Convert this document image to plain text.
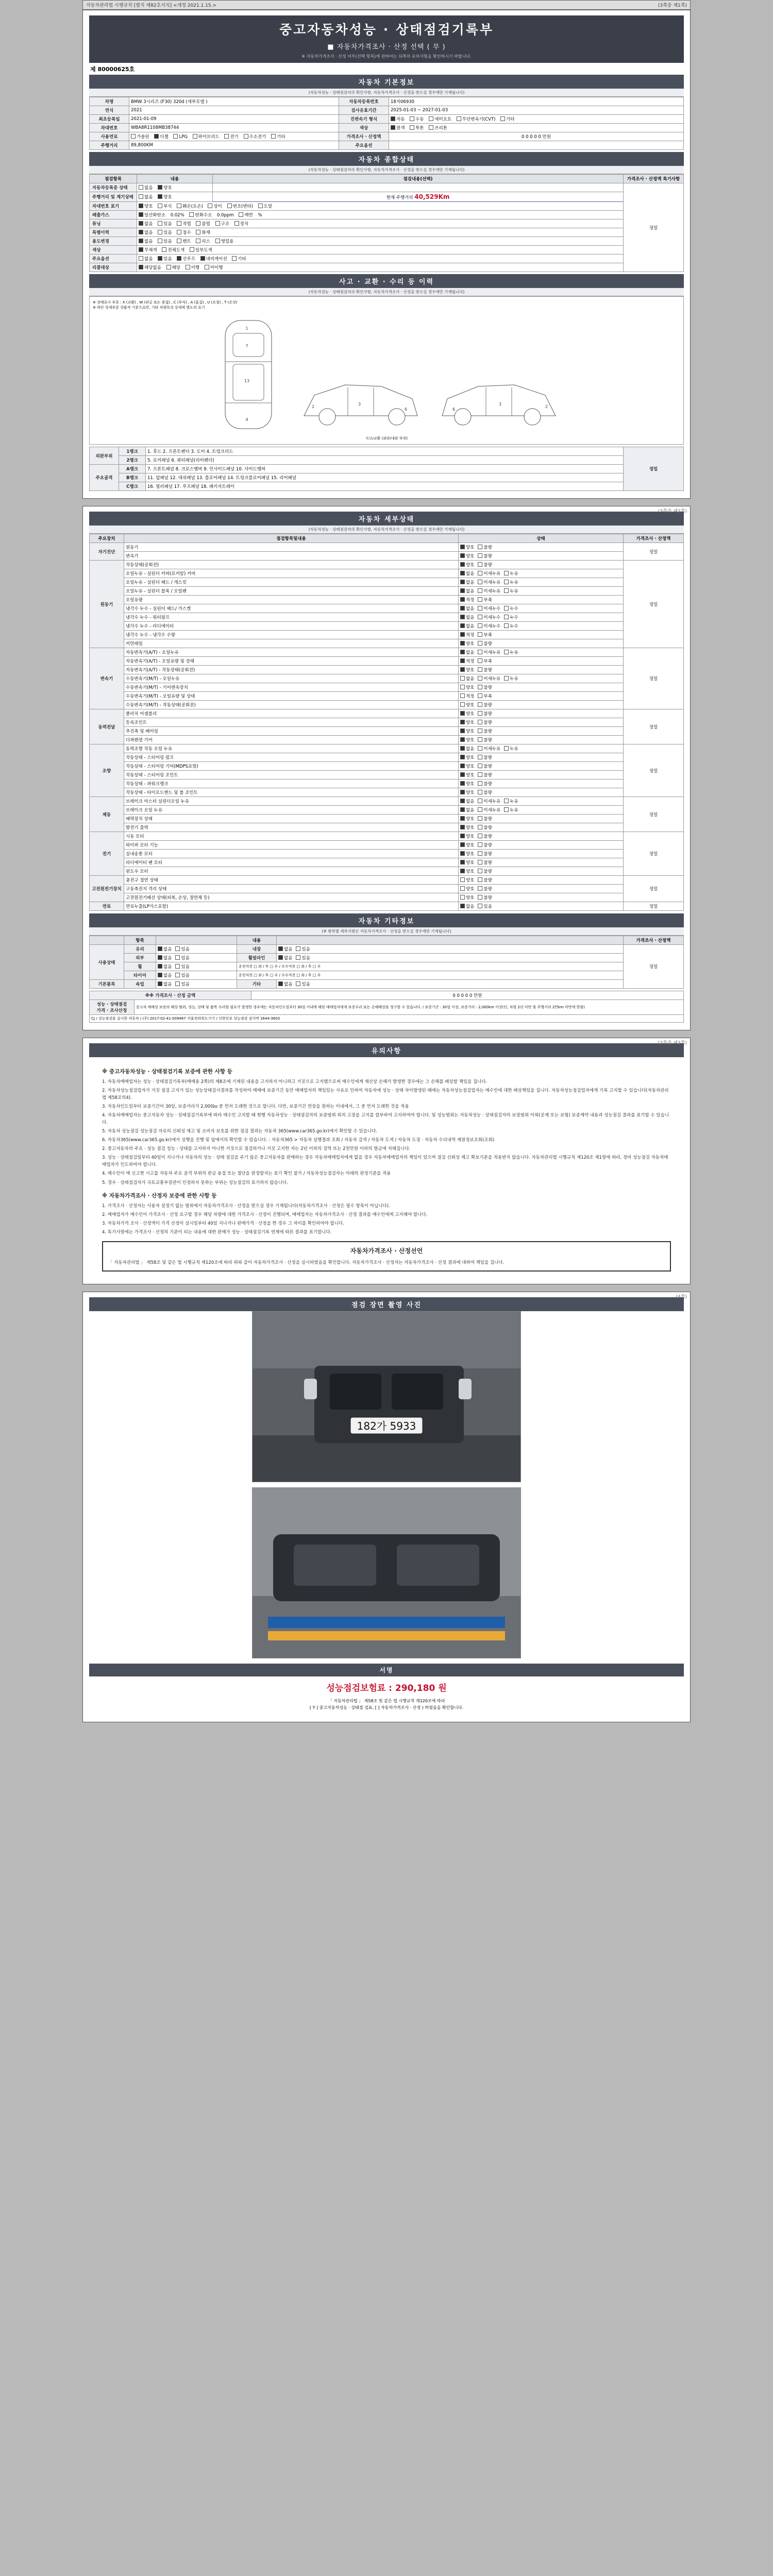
자동차관리법 시행규칙 [별지 제82호서식] <개정 2021.1.15.>	(3쪽중 제1쪽)
중고자동차성능 · 상태점검기록부
■ 자동차가격조사 · 산정 선택 ( 무 )
※ 자동차가격조사 · 산정 여부(선택 항목)에 관하여는 뒤쪽의 유의사항을 확인하시기 바랍니다.
제 80000625호
자동차 기본정보
(자동차성능 · 상태점검자의 확인사항, 자동차가격조사 · 산정을 받으실 경우에만 기재됩니다)
차명	BMW 3시리즈 (F30) 320d (세부모델 )	자동차등록번호	18자06930
연식	2021	검사유효기간	2025-01-03 ~ 2027-01-03
최초등록일	2021-01-09	진변속기 형식	자동 수동 세미오토 무단변속기(CVT) 기타
차대번호	WBA8R1108MB38744	색상	원색 투톤 쓰리톤
사용연료	가솔린 디젤 LPG 하이브리드 전기 수소전기 기타	가격조사 · 산정액	0 0 0 0 0 만원
주행거리	89,800KM	주요옵션	
자동차 종합상태
(자동차성능 · 상태점검자의 확인사항, 자동차가격조사 · 산정을 받으실 경우에만 기재됩니다)
점검항목	내용	점검내용(선택)	가격조사 · 산정액 특기사항
자동차등록증 상태	없음 양호		정밀
주행거리 및 계기상태	없음 양호	현재 주행거리 40,529Km	
차대번호 표기	양호 부식 훼손(오손) 상이 변조(변타) 도말		
배출가스	일산화탄소 0.02% 탄화수소 0.0ppm 매연 %		
튜닝	없음 있음 적법 불법 구조 장치		
특별이력	없음 있음 침수 화재		
용도변경	없음 있음 렌트 리스 영업용		
색상	무채색 전체도색 일부도색		
주요옵션	없음 있음 선루프 내비게이션 기타		
리콜대상	해당없음 해당 이행 미이행		
사고 · 교환 · 수리 등 이력
(자동차성능 · 상태점검자의 확인사항, 자동차가격조사 · 산정을 받으실 경우에만 기재됩니다)
※ 상태표시 부호 : X (교환) , W (판금 또는 용접) , C (부식) , A (흠집) , U (요철) , T (손상)
※ 하단 상세부분 상품적 기준으로만, 기타 차량특성 상세에 별도의 표기
1
7
13
4
2
3
6
2
3
6
사고/교환 (외판/내판 부위)
외판부위	1랭크	1. 후드 2. 프론트펜더 3. 도어 4. 트렁크리드	정밀
	2랭크	5. 로커패널 6. 쿼터패널(리어펜더)	
주요골격	A랭크	7. 프론트패널 8. 크로스멤버 9. 인사이드패널 10. 사이드멤버	
	B랭크	11. 앞패널 12. 대쉬패널 13. 플로어패널 14. 트렁크플로어패널 15. 리어패널	
	C랭크	16. 필러패널 17. 루프패널 18. 패키지트레이	
(3쪽중 제2쪽)
자동차 세부상태
(자동차성능 · 상태점검자의 확인사항, 자동차가격조사 · 산정을 받으실 경우에만 기재됩니다)
주요장치	점검항목및내용	상태	가격조사 · 산정액
자기진단	원동기	양호 불량	정밀
	변속기	양호 불량	
원동기	작동상태(공회전)	양호 불량	정밀
	오일누유 - 실린더 커버(로커암) 커버	없음 미세누유 누유	
	오일누유 - 실린더 헤드 / 개스킷	없음 미세누유 누유	
	오일누유 - 실린더 블록 / 오일팬	없음 미세누유 누유	
	오일유량	적정 부족	
	냉각수 누수 - 실린더 헤드/ 가스켓	없음 미세누수 누수	
	냉각수 누수 - 워터펌프	없음 미세누수 누수	
	냉각수 누수 - 라디에이터	없음 미세누수 누수	
	냉각수 누수 - 냉각수 수량	적정 부족	
	커먼레일	양호 불량	
변속기	자동변속기(A/T) - 오일누유	없음 미세누유 누유	정밀
	자동변속기(A/T) - 오일유량 및 상태	적정 부족	
	자동변속기(A/T) - 작동상태(공회전)	양호 불량	
	수동변속기(M/T) - 오일누유	없음 미세누유 누유	
	수동변속기(M/T) - 기어변속장치	양호 불량	
	수동변속기(M/T) - 오일유량 및 상태	적정 부족	
	수동변속기(M/T) - 작동상태(공회전)	양호 불량	
동력전달	클러치 어셈블리	양호 불량	정밀
	등속조인트	양호 불량	
	추진축 및 베어링	양호 불량	
	디퍼렌셜 기어	양호 불량	
조향	동력조향 작동 오일 누유	없음 미세누유 누유	정밀
	작동상태 - 스티어링 펌프	양호 불량	
	작동상태 - 스티어링 기어(MDPS포함)	양호 불량	
	작동상태 - 스티어링 조인트	양호 불량	
	작동상태 - 파워크랭크	양호 불량	
	작동상태 - 타이로드엔드 및 볼 조인트	양호 불량	
제동	브레이크 마스터 실린더오일 누유	없음 미세누유 누유	정밀
	브레이크 오일 누유	없음 미세누유 누유	
	배력장치 상태	양호 불량	
	발전기 출력	양호 불량	
전기	시동 모터	양호 불량	정밀
	와이퍼 모터 기능	양호 불량	
	실내송풍 모터	양호 불량	
	라디에이터 팬 모터	양호 불량	
	윈도우 모터	양호 불량	
고전원전기장치	충전구 절연 상태	양호 불량	정밀
	구동축전지 격리 상태	양호 불량	
	고전원전기배선 상태(피복, 손상, 절연체 등)	양호 불량	
연료	연료누출(LP가스포함)	없음 있음	정밀
자동차 기타정보
(※ 항목별 세부사항은 자동차가격조사 · 산정을 받으실 경우에만 기재됩니다)
	항목		내용		가격조사 · 산정액
사용상태	유리	없음 있음	내장	없음 있음	정밀
	외부	없음 있음	휠얼라인	없음 있음	
	휠	없음 있음	운전석전 □ 좌 / 후 □ 우 / 조수석전 □ 좌 / 후 □ 우		
	타이어	없음 있음	운전석전 □ 좌 / 후 □ 우 / 조수석전 □ 좌 / 후 □ 우		
기본품목	쇽업	없음 있음	기타	없음 있음	
※※ 가격조사 · 산정 금액		0 0 0 0 0 만원

성능 · 상태점검
가격 · 조사산정	중고차 매매상 보증의 배상 범위, 성능, 상태 및 품목 수리할 필요가 발생한 경우에는 자동차인도일부터 30일 이내에 해당 매매업자에게 보증수리 또는 손해배상을 청구할 수 있습니다. / 보증기간 : 30일 이상, 보증거리 : 2,000km 이상(단, 차령 2년 미만 및 주행거리 2만km 미만에 한함)	
CJ / 성능점검을 실시한 자동차 / (주) 2017-02-41-009467 서울전라북도기기 / 신한인보 성능점검 검사약 1644-3603		
(3쪽중 제3쪽)
유의사항
※ 중고자동차성능 · 상태점검기록 보증에 관한 사항 등

1. 자동차매매업자는 성능 · 상태점검기록부(매매용 2쪽)의 제8조에 기재된 내용을 고지하지 아니하고 거짓으로 고지했으로써 매수인에게 재산상 손해가 발생한 경우에는 그 손해를 배상할 책임을 집니다.

2. 자동차성능점검업자가 거짓 점검 고지가 있는 성능상태검사결과를 작성하여 매매에 보증기간 동안 매매업자의 책임있는 사유로 인하여 자동차에 성능 · 상태 차이발생된 때에는 자동차성능점검업자는 매수인에 대한 배상책임을 집니다. 자동차성능점검업자에게 기록 고지할 수 있습니다(자동차관리법 제58조의4).

3. 자동차인도일부터 보증기간이 30일, 보증거리가 2,000㎞ 중 먼저 도래한 것으로 합니다. 다만, 보증기간 연장을 원하는 이내에서, 그 중 먼저 도래한 것을 적용

4. 자동차매매업자는 중고자동차 성능 · 상태점검기록부에 따라 매수인 고지할 때 현행 자동차성능 · 상태점검자의 보증범위 외의 고장을 고지를 합부하여 고지하여야 합니다. 및 성능범위는 자동차성능 · 상태점검자의 보장범위 이외(공제 또는 보험) 보증계약 내용과 성능점검 결과를 표기할 수 있습니다.

5. 자동차 성능점검 성능점검 자료의 신뢰성 제고 및 소비자 보호를 위한 점검 결과는 자동차 365(www.car365.go.kr)에서 확인할 수 있습니다.

6. 자동차365(www.car365.go.kr)에서 실행을 진행 및 앞에서의 확인할 수 있습니다. : 자동차365 > 자동차 실행결과 조회 / 자동차 검색 / 자동차 도색 / 자동차 도장 · 자동차 수리내역 제원정보조회(조회)

2. 중고자동차의 주요 · 성능 점검 성능 · 상태를 고지하지 아니한 거짓으로 점검하거나 거짓 고지한 자는 2년 이하의 징역 또는 2천만원 이하의 벌금에 처해집니다.

3. 성능 · 상태점검일부터 40일이 지나거나 자동차의 성능 · 상태 점검을 주기 않은 중고자동차를 판매하는 경우 자동차매매업자에게 없을 경우 자동차매매업자의 책임이 있으며 점검 신뢰성 제고 확보기준을 적용받지 않습니다. 자동차관리법 시행규칙 제120조 제1항에 따라, 정비 성능점검 자동차매매업자가 인도하여야 합니다.

4. 매수인이 매 신고한 시고를 자동차 주요 골격 부위의 판금 용접 또는 절단을 판정할지는 표기 확인 불가 / 자동차성능점검자는 아래의 판정기준을 적용

5. 경우 · 상태점검자가 국토교통부장관이 인정하지 못하는 부위는 성능점검의 표기하지 않습니다.

※ 자동차가격조사 · 산정자 보증에 관한 사항 등

1. 가격조사 · 산정자는 사용자 설정기 없는 범위에서 자동차가격조사 · 산정을 받으실 경우 기재됩니다(자동차가격조사 · 산정은 필수 항목이 아닙니다).

2. 매매업자가 매수인이 가격조사 · 산정 요구할 경우 해당 차량에 대한 가격조사 · 산정이 진행되며, 매매업자는 자동차가격조사 · 산정 결과를 매수인에게 고지해야 합니다.

3. 자동차가격 조사 · 산정액이 가격 산정이 실시일부터 40일 지나거나 판매가격 · 산정을 한 경우 그 차이를 확인하여야 합니다.

4. 특기사항에는 가격조사 · 산정의 기준이 되는 내용에 대한 판매가 성능 · 상태점검기록 연계에 따른 결과를 표기합니다.

자동차가격조사 · 산정선언
「 자동차관리법 」 제58조 및 같은 법 시행규칙 제120조에 따라 위와 같이 자동차가격조사 · 산정을 실시하였음을 확인합니다. 자동차가격조사 · 산정자는 자동차가격조사 · 산정 결과에 대하여 책임을 집니다.
(4쪽)
점검 장면 촬영 사진
182가 5933
서명
성능점검보험료 : 290,180 원
「 자동차관리법 」 제58조 및 같은 법 시행규칙 제120조에 따라
[ Y ] 중고자동차성능 · 상태점 검표, [ ] 자동차가격조사 · 산정 ) 하였음을 확인합니다.
